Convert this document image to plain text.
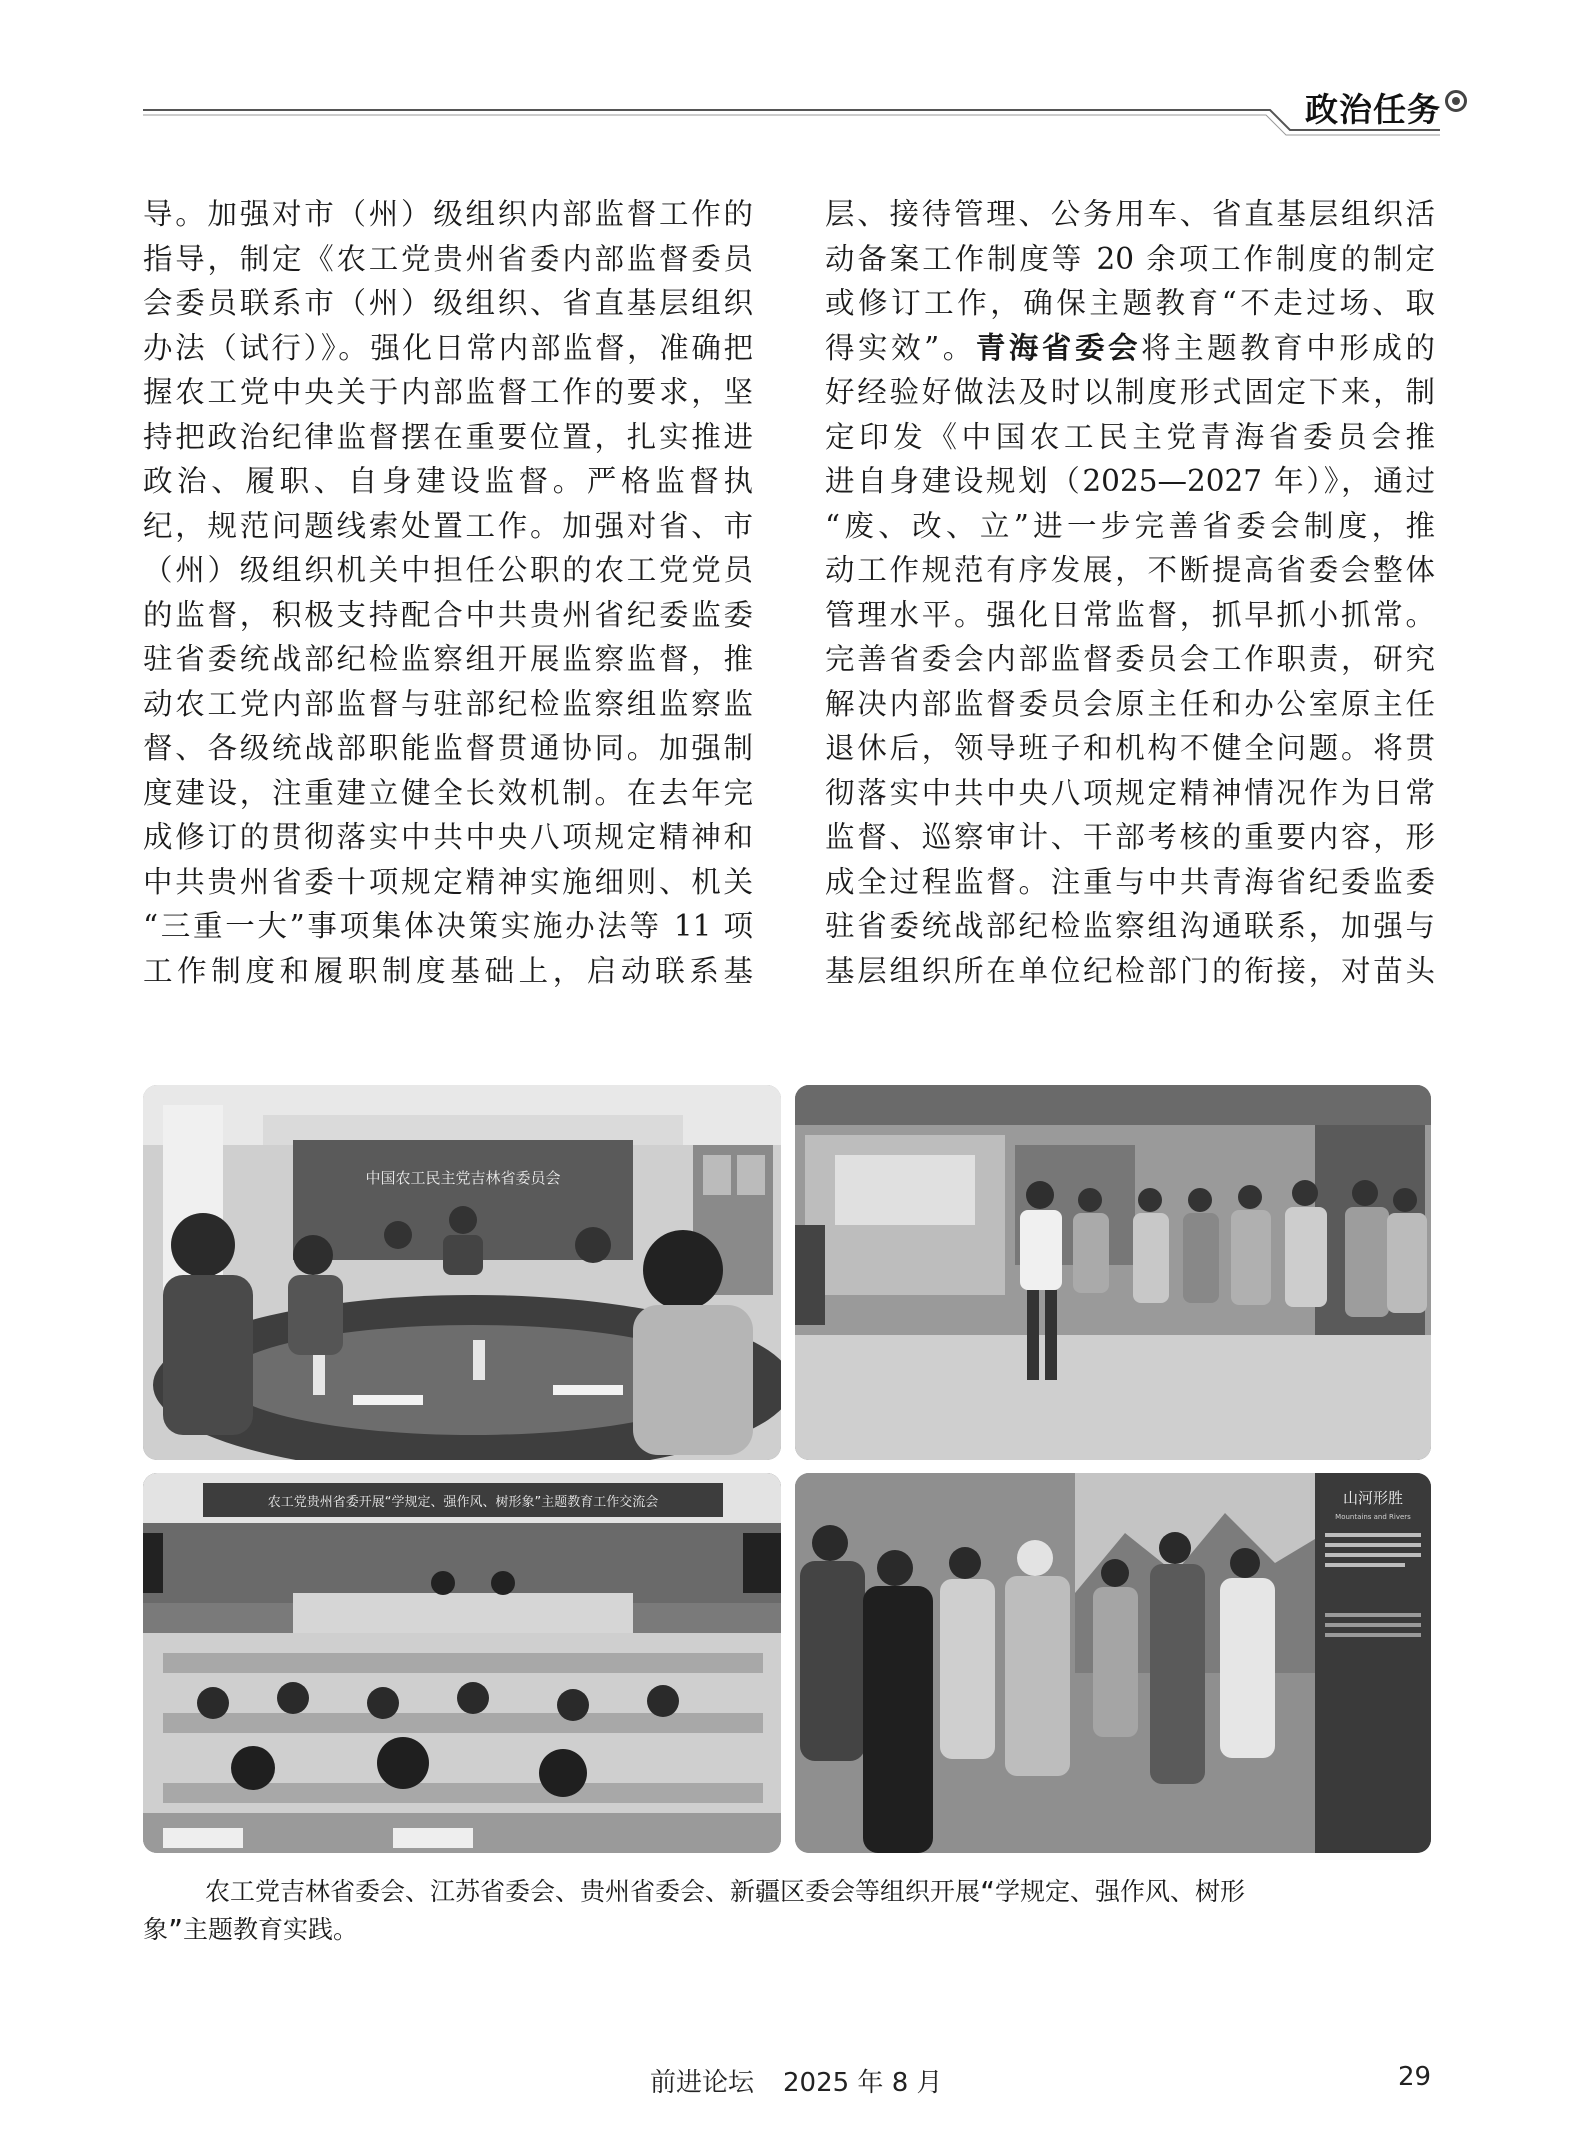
政治任务
导。加强对市（州）级组织内部监督工作的
指导，制定《农工党贵州省委内部监督委员
会委员联系市（州）级组织、省直基层组织
办法（试行）》。强化日常内部监督，准确把
握农工党中央关于内部监督工作的要求，坚
持把政治纪律监督摆在重要位置，扎实推进
政治、履职、自身建设监督。严格监督执
纪，规范问题线索处置工作。加强对省、市
（州）级组织机关中担任公职的农工党党员
的监督，积极支持配合中共贵州省纪委监委
驻省委统战部纪检监察组开展监察监督，推
动农工党内部监督与驻部纪检监察组监察监
督、各级统战部职能监督贯通协同。加强制
度建设，注重建立健全长效机制。在去年完
成修订的贯彻落实中共中央八项规定精神和
中共贵州省委十项规定精神实施细则、机关
“三重一大”事项集体决策实施办法等 11 项
工作制度和履职制度基础上，启动联系基
层、接待管理、公务用车、省直基层组织活
动备案工作制度等 20 余项工作制度的制定
或修订工作，确保主题教育“不走过场、取
得实效”。青海省委会将主题教育中形成的
好经验好做法及时以制度形式固定下来，制
定印发《中国农工民主党青海省委员会推
进自身建设规划（2025—2027 年）》，通过
“废、改、立”进一步完善省委会制度，推
动工作规范有序发展，不断提高省委会整体
管理水平。强化日常监督，抓早抓小抓常。
完善省委会内部监督委员会工作职责，研究
解决内部监督委员会原主任和办公室原主任
退休后，领导班子和机构不健全问题。将贯
彻落实中共中央八项规定精神情况作为日常
监督、巡察审计、干部考核的重要内容，形
成全过程监督。注重与中共青海省纪委监委
驻省委统战部纪检监察组沟通联系，加强与
基层组织所在单位纪检部门的衔接，对苗头
中国农工民主党吉林省委员会
农工党贵州省委开展“学规定、强作风、树形象”主题教育工作交流会	山河形胜
Mountains and Rivers
农工党吉林省委会、江苏省委会、贵州省委会、新疆区委会等组织开展“学规定、强作风、树形
象”主题教育实践。
前进论坛 2025 年 8 月	29
